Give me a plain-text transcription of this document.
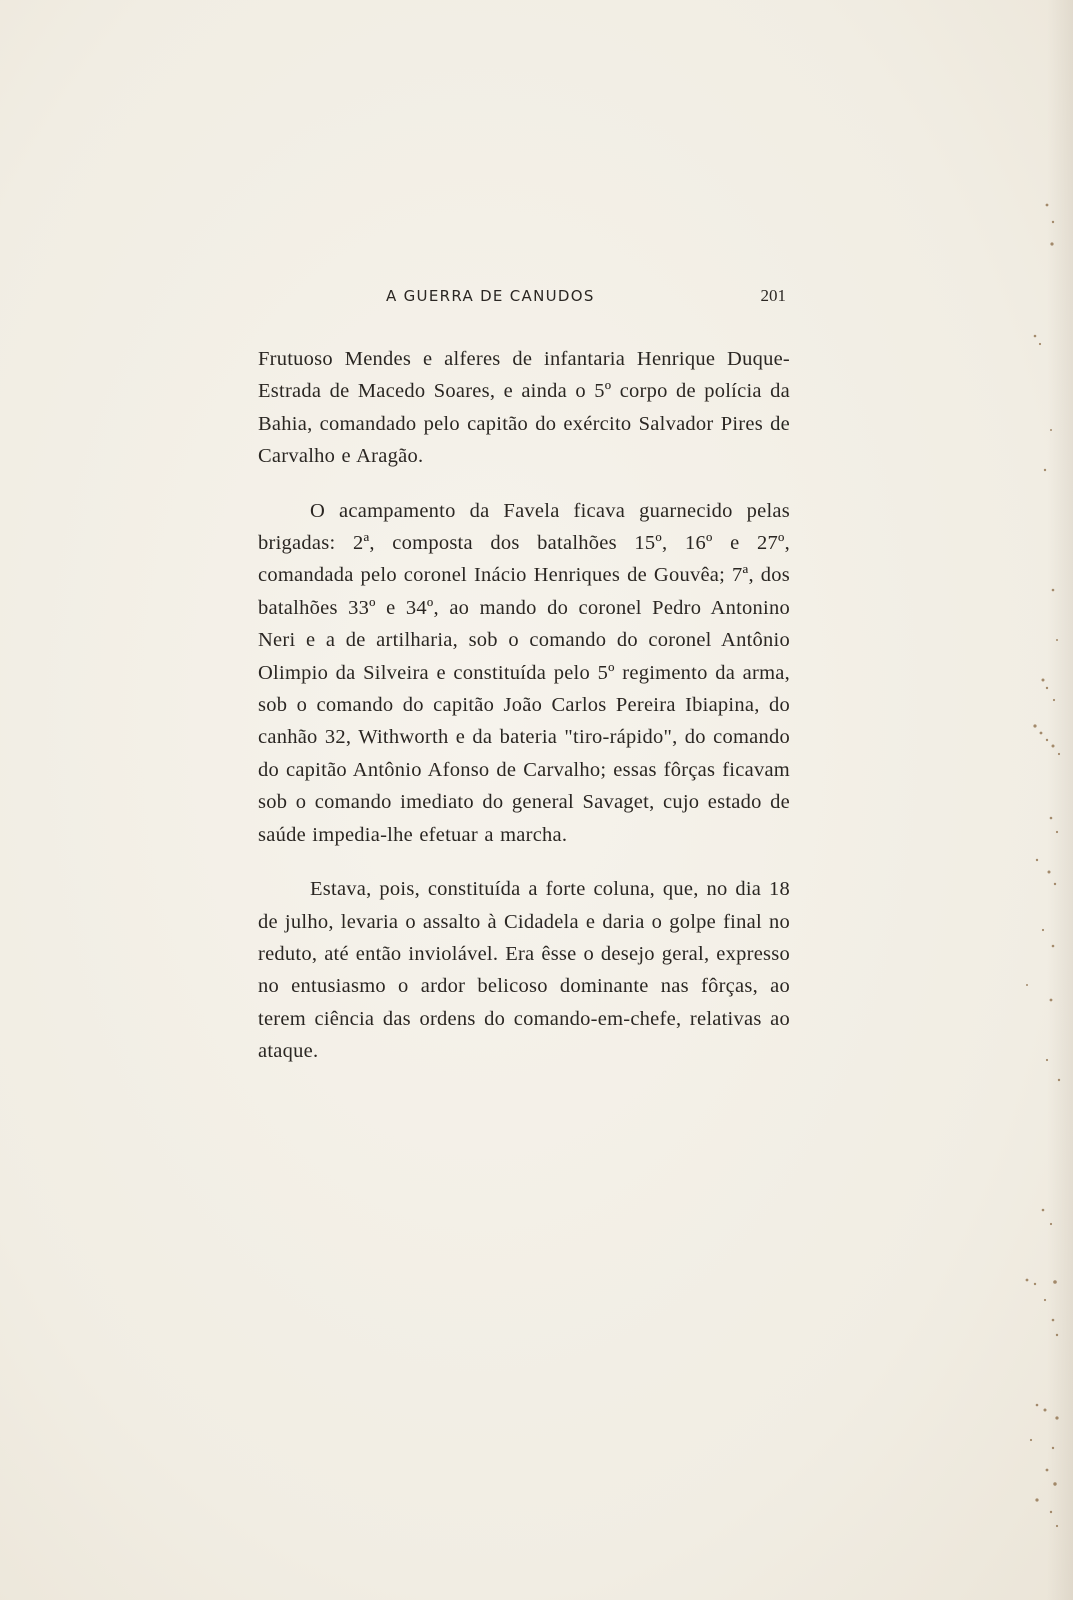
A GUERRA DE CANUDOS	201

Frutuoso Mendes e alferes de infantaria Henrique Duque-Estrada de Macedo Soares, e ainda o 5º corpo de polícia da Bahia, comandado pelo capitão do exército Salvador Pires de Carvalho e Aragão.

O acampamento da Favela ficava guarnecido pelas brigadas: 2ª, composta dos batalhões 15º, 16º e 27º, comandada pelo coronel Inácio Henriques de Gouvêa; 7ª, dos batalhões 33º e 34º, ao mando do coronel Pedro Antonino Neri e a de artilharia, sob o comando do coronel Antônio Olimpio da Silveira e constituída pelo 5º regimento da arma, sob o comando do capitão João Carlos Pereira Ibiapina, do canhão 32, Withworth e da bateria "tiro-rápido", do comando do capitão Antônio Afonso de Carvalho; essas fôrças ficavam sob o comando imediato do general Savaget, cujo estado de saúde impedia-lhe efetuar a marcha.

Estava, pois, constituída a forte coluna, que, no dia 18 de julho, levaria o assalto à Cidadela e daria o golpe final no reduto, até então inviolável. Era êsse o desejo geral, expresso no entusiasmo o ardor belicoso dominante nas fôrças, ao terem ciência das ordens do comando-em-chefe, relativas ao ataque.
